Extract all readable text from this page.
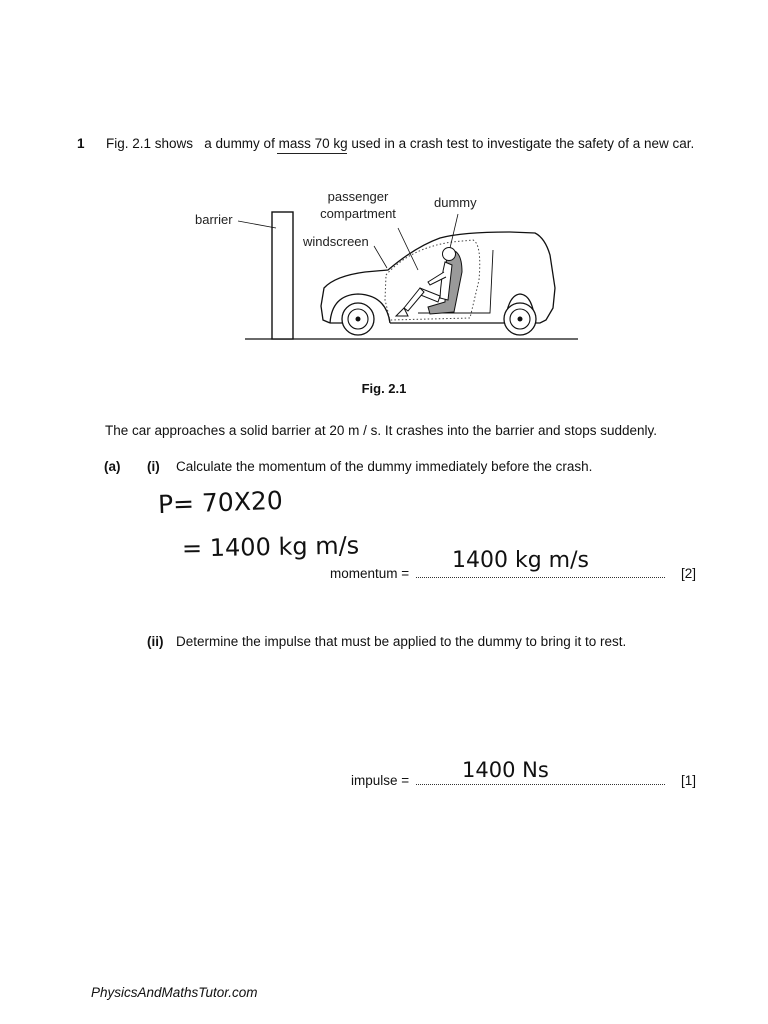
1 Fig. 2.1 shows   a dummy of mass 70 kg used in a crash test to investigate the safety of a new car.
barrier
passenger
compartment
dummy
windscreen
Fig. 2.1
The car approaches a solid barrier at 20 m / s. It crashes into the barrier and stops suddenly.
(a) (i) Calculate the momentum of the dummy immediately before the crash.
P= 70X20
= 1400 kg m/s
momentum =
1400 kg m/s
[2]
(ii) Determine the impulse that must be applied to the dummy to bring it to rest.
impulse =	1400 Ns	[1]
PhysicsAndMathsTutor.com
